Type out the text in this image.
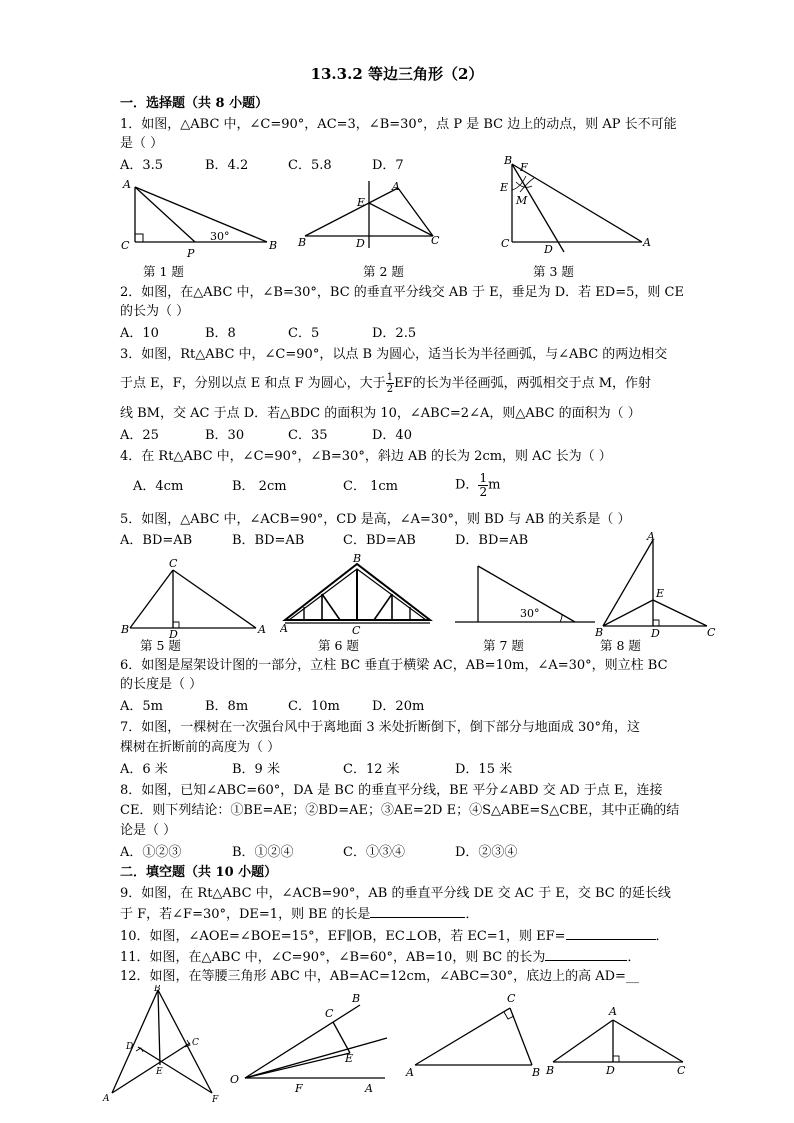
13.3.2 等边三角形（2）
一．选择题（共 8 小题）
1．如图，△ABC 中，∠C=90°，AC=3，∠B=30°，点 P 是 BC 边上的动点，则 AP 长不可能
是（ ）
A．3.5	B．4.2	C．5.8	D．7
A
C
P
B
30°
第 1 题
A
E
B	D	C
第 2 题
B
F
E
M
C	D
A
第 3 题
2．如图，在△ABC 中，∠B=30°，BC 的垂直平分线交 AB 于 E，垂足为 D．若 ED=5，则 CE
的长为（ ）
A．10	B．8	C．5	D．2.5
3．如图，Rt△ABC 中，∠C=90°，以点 B 为圆心，适当长为半径画弧，与∠ABC 的两边相交
于点 E，F，分别以点 E 和点 F 为圆心，大于 $\frac{1}{2}$ EF的长为半径画弧，两弧相交于点 M，作射
线 BM，交 AC 于点 D．若△BDC 的面积为 10，∠ABC=2∠A，则△ABC 的面积为（ ）
A．25	B．30	C．35	D．40
4．在 Rt△ABC 中，∠C=90°，∠B=30°，斜边 AB 的长为 2cm，则 AC 长为（ ）
A．4cm	B． 2cm	C． 1cm	D． $\frac{1}{2}$ m
5．如图，△ABC 中，∠ACB=90°，CD 是高，∠A=30°，则 BD 与 AB 的关系是（ ）
A．BD=AB	B．BD=AB	C．BD=AB	D．BD=AB
C
B	D	A
第 5 题
B
C
A
第 6 题
30°
第 7 题
A
E
B	D	C
第 8 题
6．如图是屋架设计图的一部分，立柱 BC 垂直于横梁 AC，AB=10m，∠A=30°，则立柱 BC
的长度是（ ）
A．5m	B．8m	C．10m D．20m
7．如图，一棵树在一次强台风中于离地面 3 米处折断倒下，倒下部分与地面成 30°角，这
棵树在折断前的高度为（ ）
A．6 米	B．9 米	C．12 米	D．15 米
8．如图，已知∠ABC=60°，DA 是 BC 的垂直平分线，BE 平分∠ABD 交 AD 于点 E，连接
CE．则下列结论：①BE=AE；②BD=AE；③AE=2D E；④S△ABE=S△CBE，其中正确的结
论是（ ）
A．①②③	B．①②④	C．①③④	D．②③④
二．填空题（共 10 小题）
9．如图，在 Rt△ABC 中，∠ACB=90°，AB 的垂直平分线 DE 交 AC 于 E，交 BC 的延长线
于 F，若∠F=30°，DE=1，则 BE 的长是	．
10．如图，∠AOE=∠BOE=15°，EF∥OB，EC⊥OB，若 EC=1，则 EF=	．
11．如图，在△ABC 中，∠C=90°，∠B=60°，AB=10，则 BC 的长为	．
12．如图，在等腰三角形 ABC 中，AB=AC=12cm，∠ABC=30°，底边上的高 AD=__
B
D	C
E
A	F
B
C
E
O
F	A
C
A	B
A
B	D	C
